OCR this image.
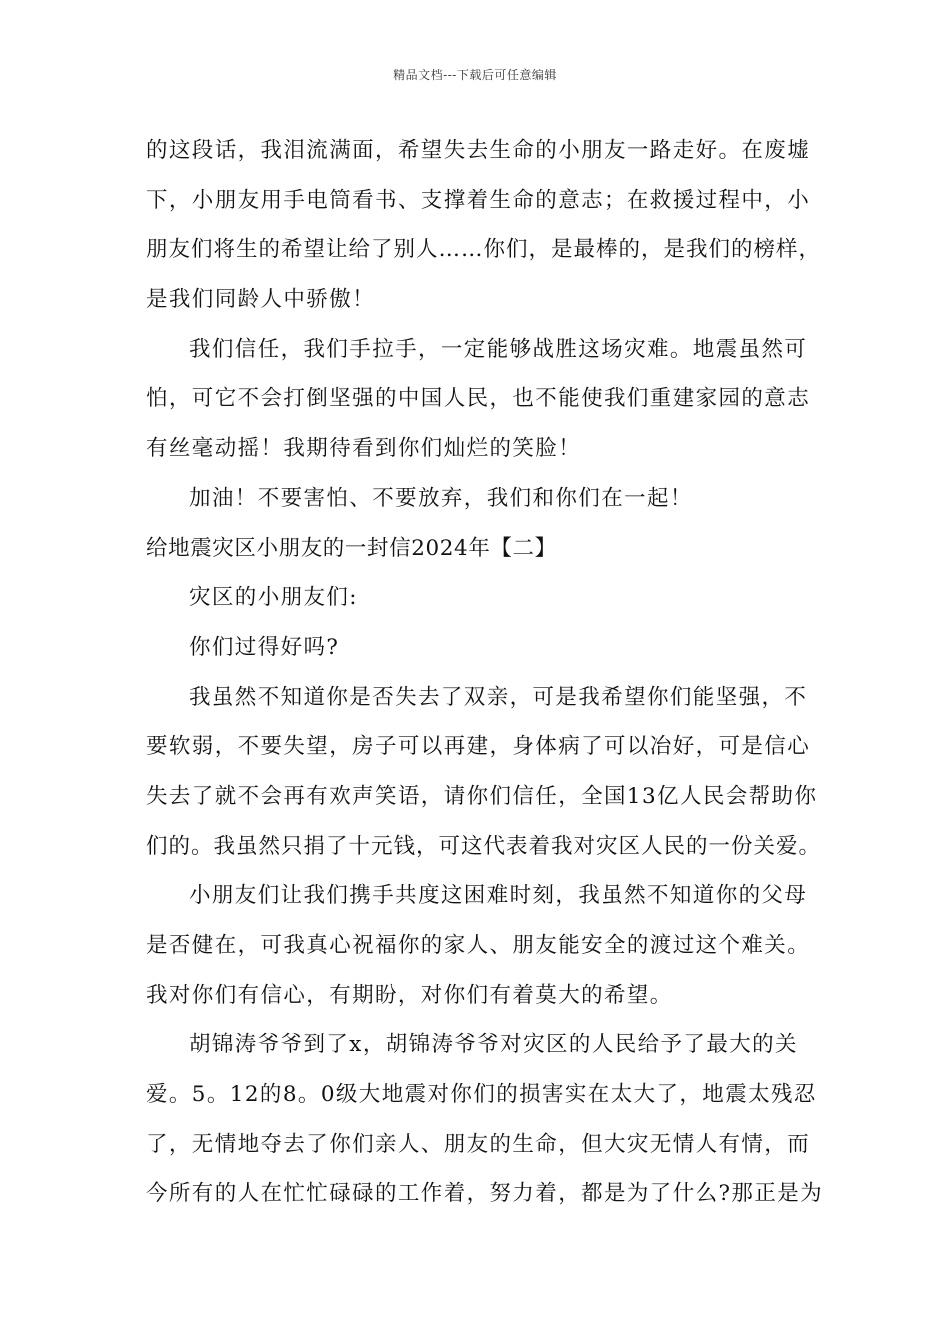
精品文档---下载后可任意编辑
的这段话，我泪流满面，希望失去生命的小朋友一路走好。在废墟
下，小朋友用手电筒看书、支撑着生命的意志；在救援过程中，小
朋友们将生的希望让给了别人……你们，是最棒的，是我们的榜样，
是我们同龄人中骄傲！
我们信任，我们手拉手，一定能够战胜这场灾难。地震虽然可
怕，可它不会打倒坚强的中国人民，也不能使我们重建家园的意志
有丝毫动摇！我期待看到你们灿烂的笑脸！
加油！不要害怕、不要放弃，我们和你们在一起！
给地震灾区小朋友的一封信2024年【二】
灾区的小朋友们:
你们过得好吗?
我虽然不知道你是否失去了双亲，可是我希望你们能坚强，不
要软弱，不要失望，房子可以再建，身体病了可以冶好，可是信心
失去了就不会再有欢声笑语，请你们信任，全国13亿人民会帮助你
们的。我虽然只捐了十元钱，可这代表着我对灾区人民的一份关爱。
小朋友们让我们携手共度这困难时刻，我虽然不知道你的父母
是否健在，可我真心祝福你的家人、朋友能安全的渡过这个难关。
我对你们有信心，有期盼，对你们有着莫大的希望。
胡锦涛爷爷到了x，胡锦涛爷爷对灾区的人民给予了最大的关
爱。5。12的8。0级大地震对你们的损害实在太大了，地震太残忍
了，无情地夺去了你们亲人、朋友的生命，但大灾无情人有情，而
今所有的人在忙忙碌碌的工作着，努力着，都是为了什么?那正是为
